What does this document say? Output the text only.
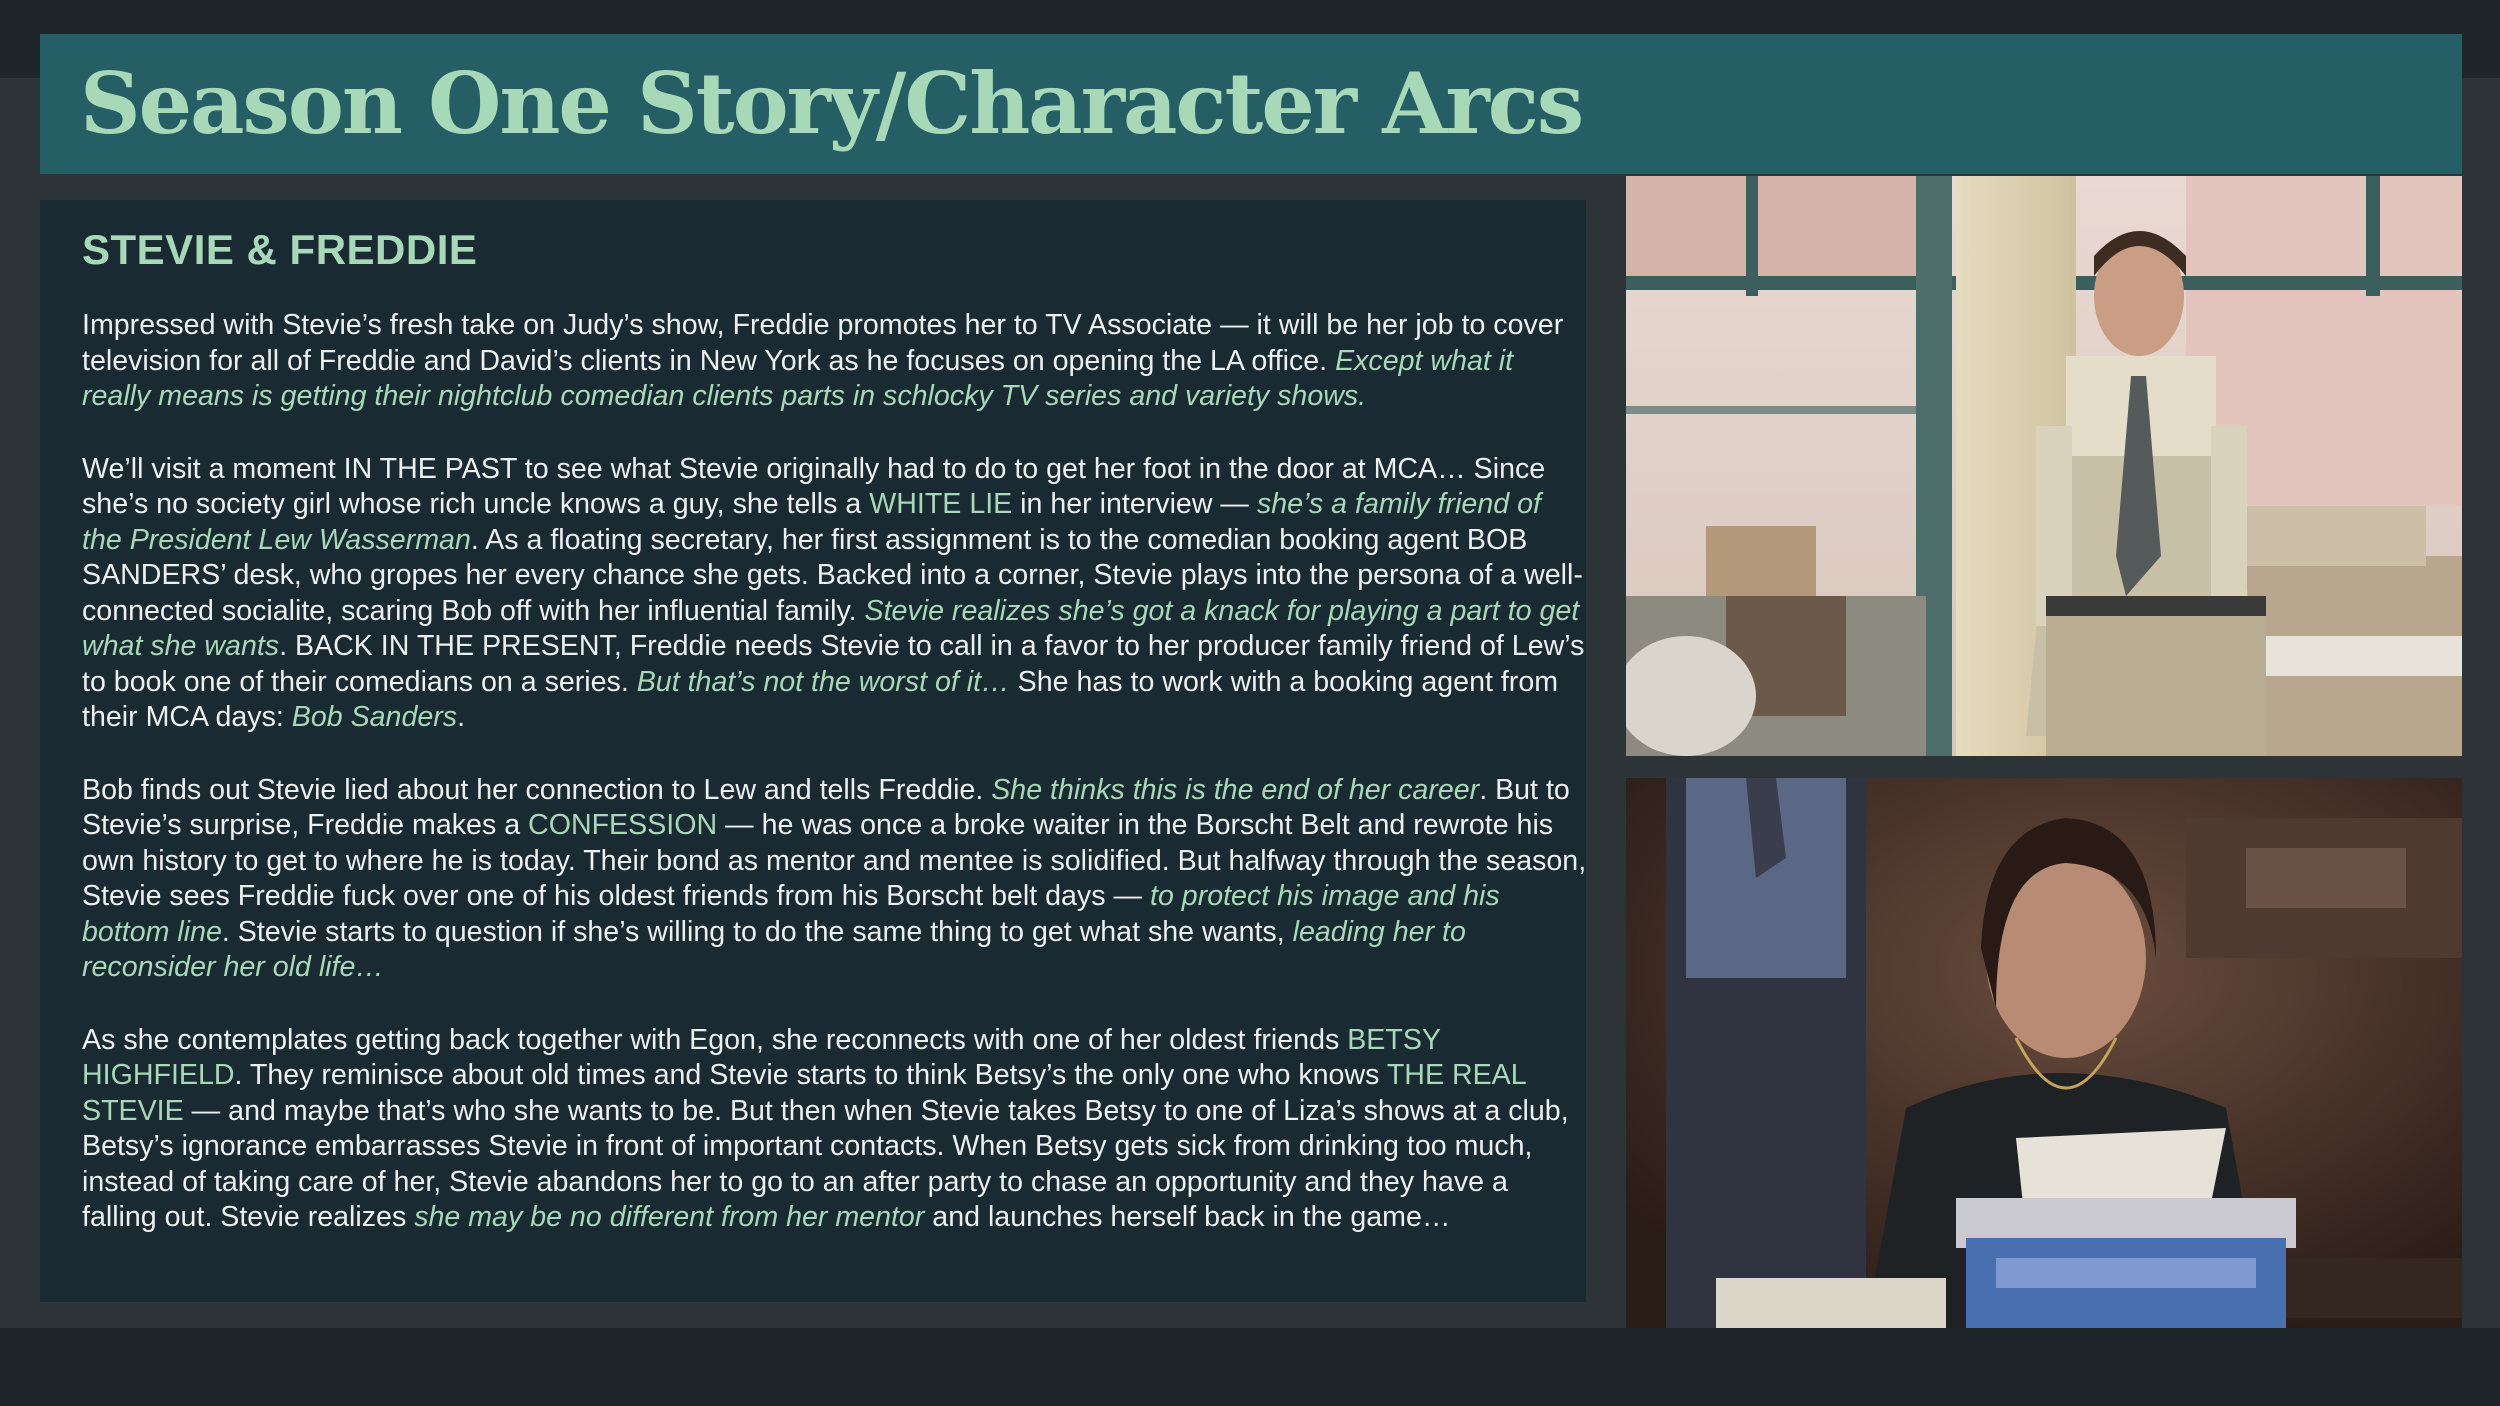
Season One Story/Character Arcs
STEVIE & FREDDIE

Impressed with Stevie’s fresh take on Judy’s show, Freddie promotes her to TV Associate — it will be her job to cover television for all of Freddie and David’s clients in New York as he focuses on opening the LA office. Except what it really means is getting their nightclub comedian clients parts in schlocky TV series and variety shows.

We’ll visit a moment IN THE PAST to see what Stevie originally had to do to get her foot in the door at MCA… Since she’s no society girl whose rich uncle knows a guy, she tells a WHITE LIE in her interview — she’s a family friend of the President Lew Wasserman. As a floating secretary, her first assignment is to the comedian booking agent BOB SANDERS’ desk, who gropes her every chance she gets. Backed into a corner, Stevie plays into the persona of a well-connected socialite, scaring Bob off with her influential family. Stevie realizes she’s got a knack for playing a part to get what she wants. BACK IN THE PRESENT, Freddie needs Stevie to call in a favor to her producer family friend of Lew’s to book one of their comedians on a series. But that’s not the worst of it… She has to work with a booking agent from their MCA days: Bob Sanders.

Bob finds out Stevie lied about her connection to Lew and tells Freddie. She thinks this is the end of her career. But to Stevie’s surprise, Freddie makes a CONFESSION — he was once a broke waiter in the Borscht Belt and rewrote his own history to get to where he is today. Their bond as mentor and mentee is solidified. But halfway through the season, Stevie sees Freddie fuck over one of his oldest friends from his Borscht belt days — to protect his image and his bottom line. Stevie starts to question if she’s willing to do the same thing to get what she wants, leading her to reconsider her old life…

As she contemplates getting back together with Egon, she reconnects with one of her oldest friends BETSY HIGHFIELD. They reminisce about old times and Stevie starts to think Betsy’s the only one who knows THE REAL STEVIE — and maybe that’s who she wants to be. But then when Stevie takes Betsy to one of Liza’s shows at a club, Betsy’s ignorance embarrasses Stevie in front of important contacts. When Betsy gets sick from drinking too much, instead of taking care of her, Stevie abandons her to go to an after party to chase an opportunity and they have a falling out. Stevie realizes she may be no different from her mentor and launches herself back in the game…
